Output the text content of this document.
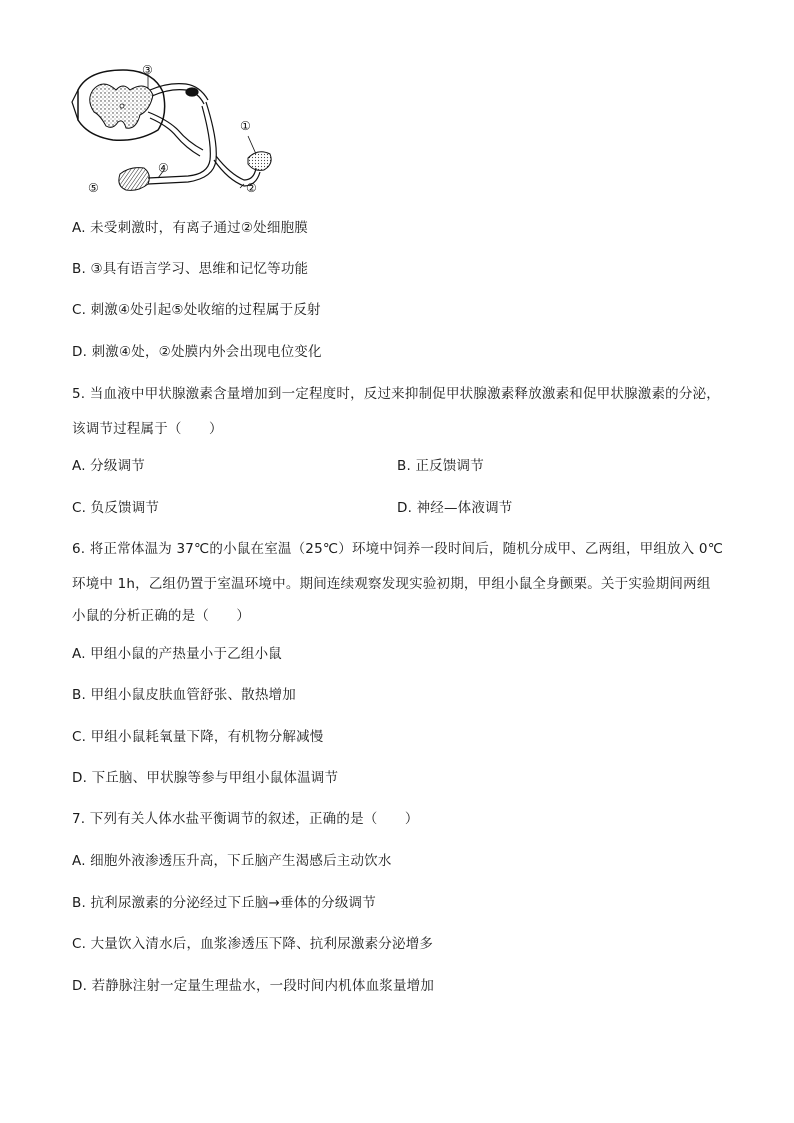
③
①
④
⑤	②
A. 未受刺激时，有离子通过②处细胞膜
B. ③具有语言学习、思维和记忆等功能
C. 刺激④处引起⑤处收缩的过程属于反射
D. 刺激④处，②处膜内外会出现电位变化
5. 当血液中甲状腺激素含量增加到一定程度时，反过来抑制促甲状腺激素释放激素和促甲状腺激素的分泌，
该调节过程属于（　　）
A. 分级调节	B. 正反馈调节
C. 负反馈调节	D. 神经—体液调节
6. 将正常体温为 37℃的小鼠在室温（25℃）环境中饲养一段时间后，随机分成甲、乙两组，甲组放入 0℃
环境中 1h，乙组仍置于室温环境中。期间连续观察发现实验初期，甲组小鼠全身颤栗。关于实验期间两组
小鼠的分析正确的是（　　）
A. 甲组小鼠的产热量小于乙组小鼠
B. 甲组小鼠皮肤血管舒张、散热增加
C. 甲组小鼠耗氧量下降，有机物分解减慢
D. 下丘脑、甲状腺等参与甲组小鼠体温调节
7. 下列有关人体水盐平衡调节的叙述，正确的是（　　）
A. 细胞外液渗透压升高，下丘脑产生渴感后主动饮水
B. 抗利尿激素的分泌经过下丘脑→垂体的分级调节
C. 大量饮入清水后，血浆渗透压下降、抗利尿激素分泌增多
D. 若静脉注射一定量生理盐水，一段时间内机体血浆量增加
